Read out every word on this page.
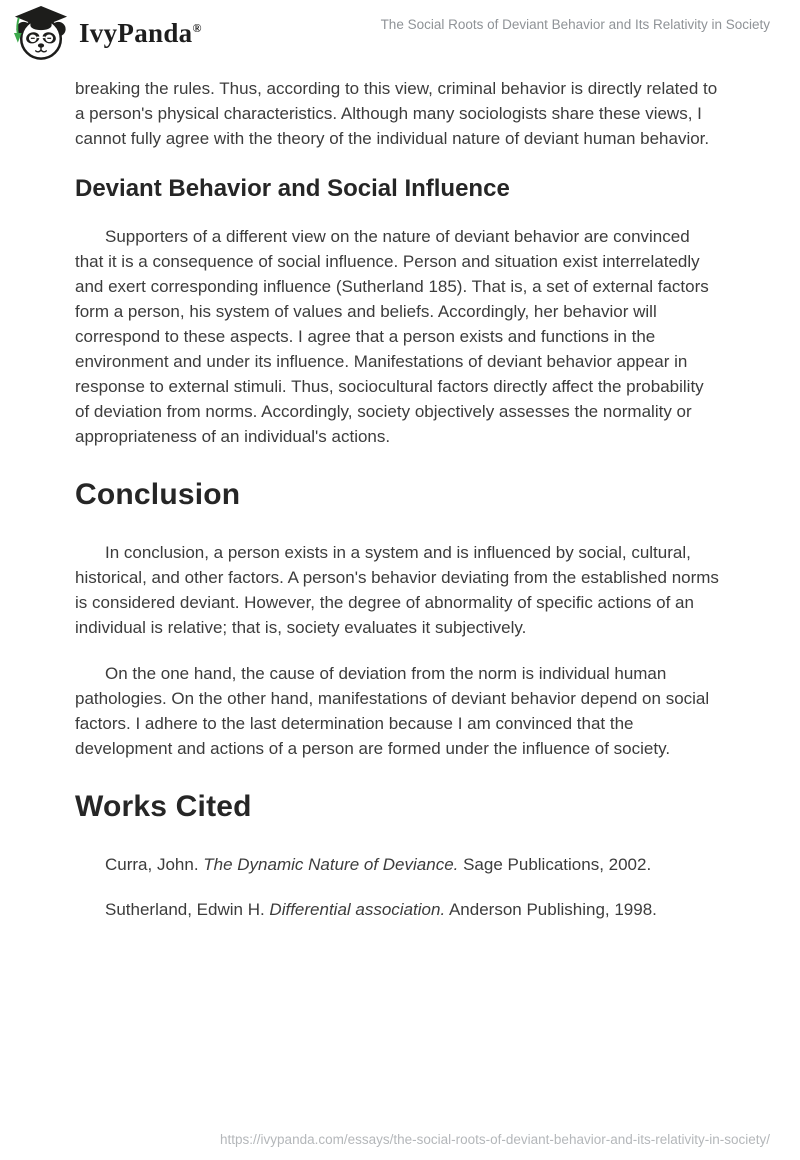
IvyPanda®	The Social Roots of Deviant Behavior and Its Relativity in Society

breaking the rules. Thus, according to this view, criminal behavior is directly related to a person's physical characteristics. Although many sociologists share these views, I cannot fully agree with the theory of the individual nature of deviant human behavior.

Deviant Behavior and Social Influence

Supporters of a different view on the nature of deviant behavior are convinced that it is a consequence of social influence. Person and situation exist interrelatedly and exert corresponding influence (Sutherland 185). That is, a set of external factors form a person, his system of values and beliefs. Accordingly, her behavior will correspond to these aspects. I agree that a person exists and functions in the environment and under its influence. Manifestations of deviant behavior appear in response to external stimuli. Thus, sociocultural factors directly affect the probability of deviation from norms. Accordingly, society objectively assesses the normality or appropriateness of an individual's actions.

Conclusion

In conclusion, a person exists in a system and is influenced by social, cultural, historical, and other factors. A person's behavior deviating from the established norms is considered deviant. However, the degree of abnormality of specific actions of an individual is relative; that is, society evaluates it subjectively.

On the one hand, the cause of deviation from the norm is individual human pathologies. On the other hand, manifestations of deviant behavior depend on social factors. I adhere to the last determination because I am convinced that the development and actions of a person are formed under the influence of society.

Works Cited
Curra, John. The Dynamic Nature of Deviance. Sage Publications, 2002.
Sutherland, Edwin H. Differential association. Anderson Publishing, 1998.
https://ivypanda.com/essays/the-social-roots-of-deviant-behavior-and-its-relativity-in-society/
